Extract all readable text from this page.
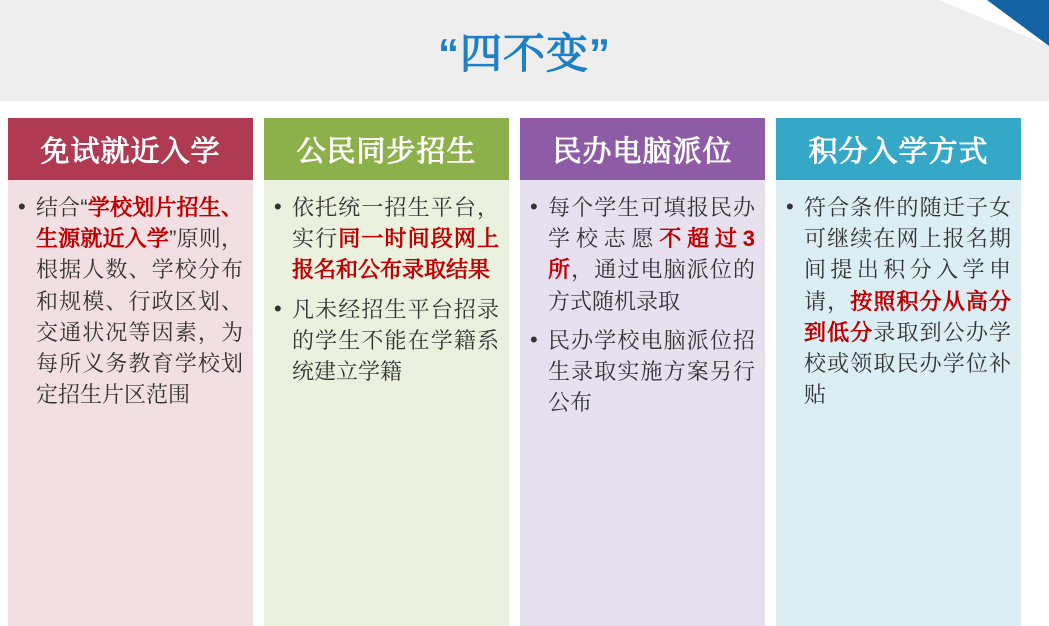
“四不变”
免试就近入学
• 结合“学校划片招生、生源就近入学”原则，根据人数、学校分布和规模、行政区划、交通状况等因素，为每所义务教育学校划定招生片区范围
公民同步招生
• 依托统一招生平台，实行同一时间段网上报名和公布录取结果
• 凡未经招生平台招录的学生不能在学籍系统建立学籍
民办电脑派位
• 每个学生可填报民办学校志愿不超过3所，通过电脑派位的方式随机录取
• 民办学校电脑派位招生录取实施方案另行公布
积分入学方式
• 符合条件的随迁子女可继续在网上报名期间提出积分入学申请，按照积分从高分到低分录取到公办学校或领取民办学位补贴
